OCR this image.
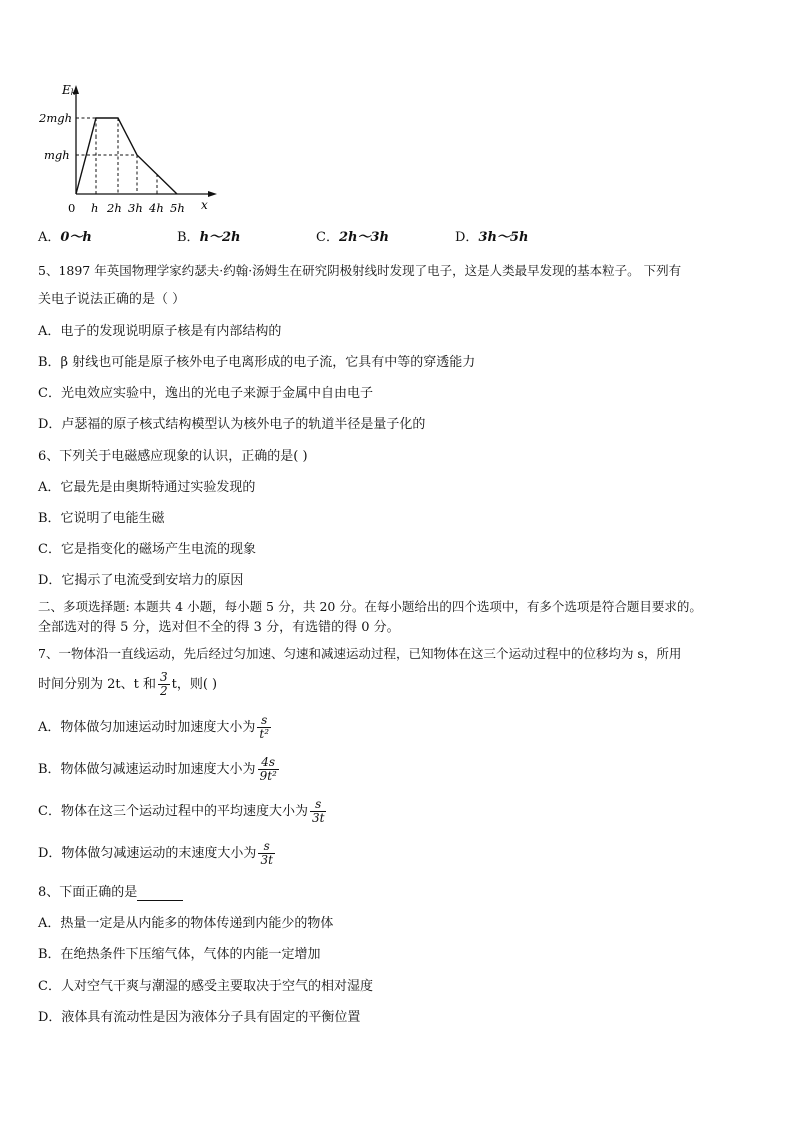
Ek
2mgh
mgh
0 h 2h 3h 4h 5h x
A．0～h	B．h～2h	C．2h～3h	D．3h～5h
5、1897 年英国物理学家约瑟夫·约翰·汤姆生在研究阴极射线时发现了电子，这是人类最早发现的基本粒子。 下列有
关电子说法正确的是（ ）
A．电子的发现说明原子核是有内部结构的
B．β 射线也可能是原子核外电子电离形成的电子流，它具有中等的穿透能力
C．光电效应实验中，逸出的光电子来源于金属中自由电子
D．卢瑟福的原子核式结构模型认为核外电子的轨道半径是量子化的
6、下列关于电磁感应现象的认识，正确的是( )
A．它最先是由奥斯特通过实验发现的
B．它说明了电能生磁
C．它是指变化的磁场产生电流的现象
D．它揭示了电流受到安培力的原因
二、多项选择题: 本题共 4 小题，每小题 5 分，共 20 分。在每小题给出的四个选项中，有多个选项是符合题目要求的。
全部选对的得 5 分，选对但不全的得 3 分，有选错的得 0 分。
7、一物体沿一直线运动，先后经过匀加速、匀速和减速运动过程，已知物体在这三个运动过程中的位移均为 s，所用
时间分别为 2t、t 和 $\frac{3}{2}$ t，则( )
A．物体做匀加速运动时加速度大小为 $\frac{s}{\text{t²}}$
B．物体做匀减速运动时加速度大小为 $\frac{4s}{\text{9t²}}$
C．物体在这三个运动过程中的平均速度大小为 $\frac{s}{3t}$
D．物体做匀减速运动的末速度大小为 $\frac{s}{3t}$
8、下面正确的是
A．热量一定是从内能多的物体传递到内能少的物体
B．在绝热条件下压缩气体，气体的内能一定增加
C．人对空气干爽与潮湿的感受主要取决于空气的相对湿度
D．液体具有流动性是因为液体分子具有固定的平衡位置
